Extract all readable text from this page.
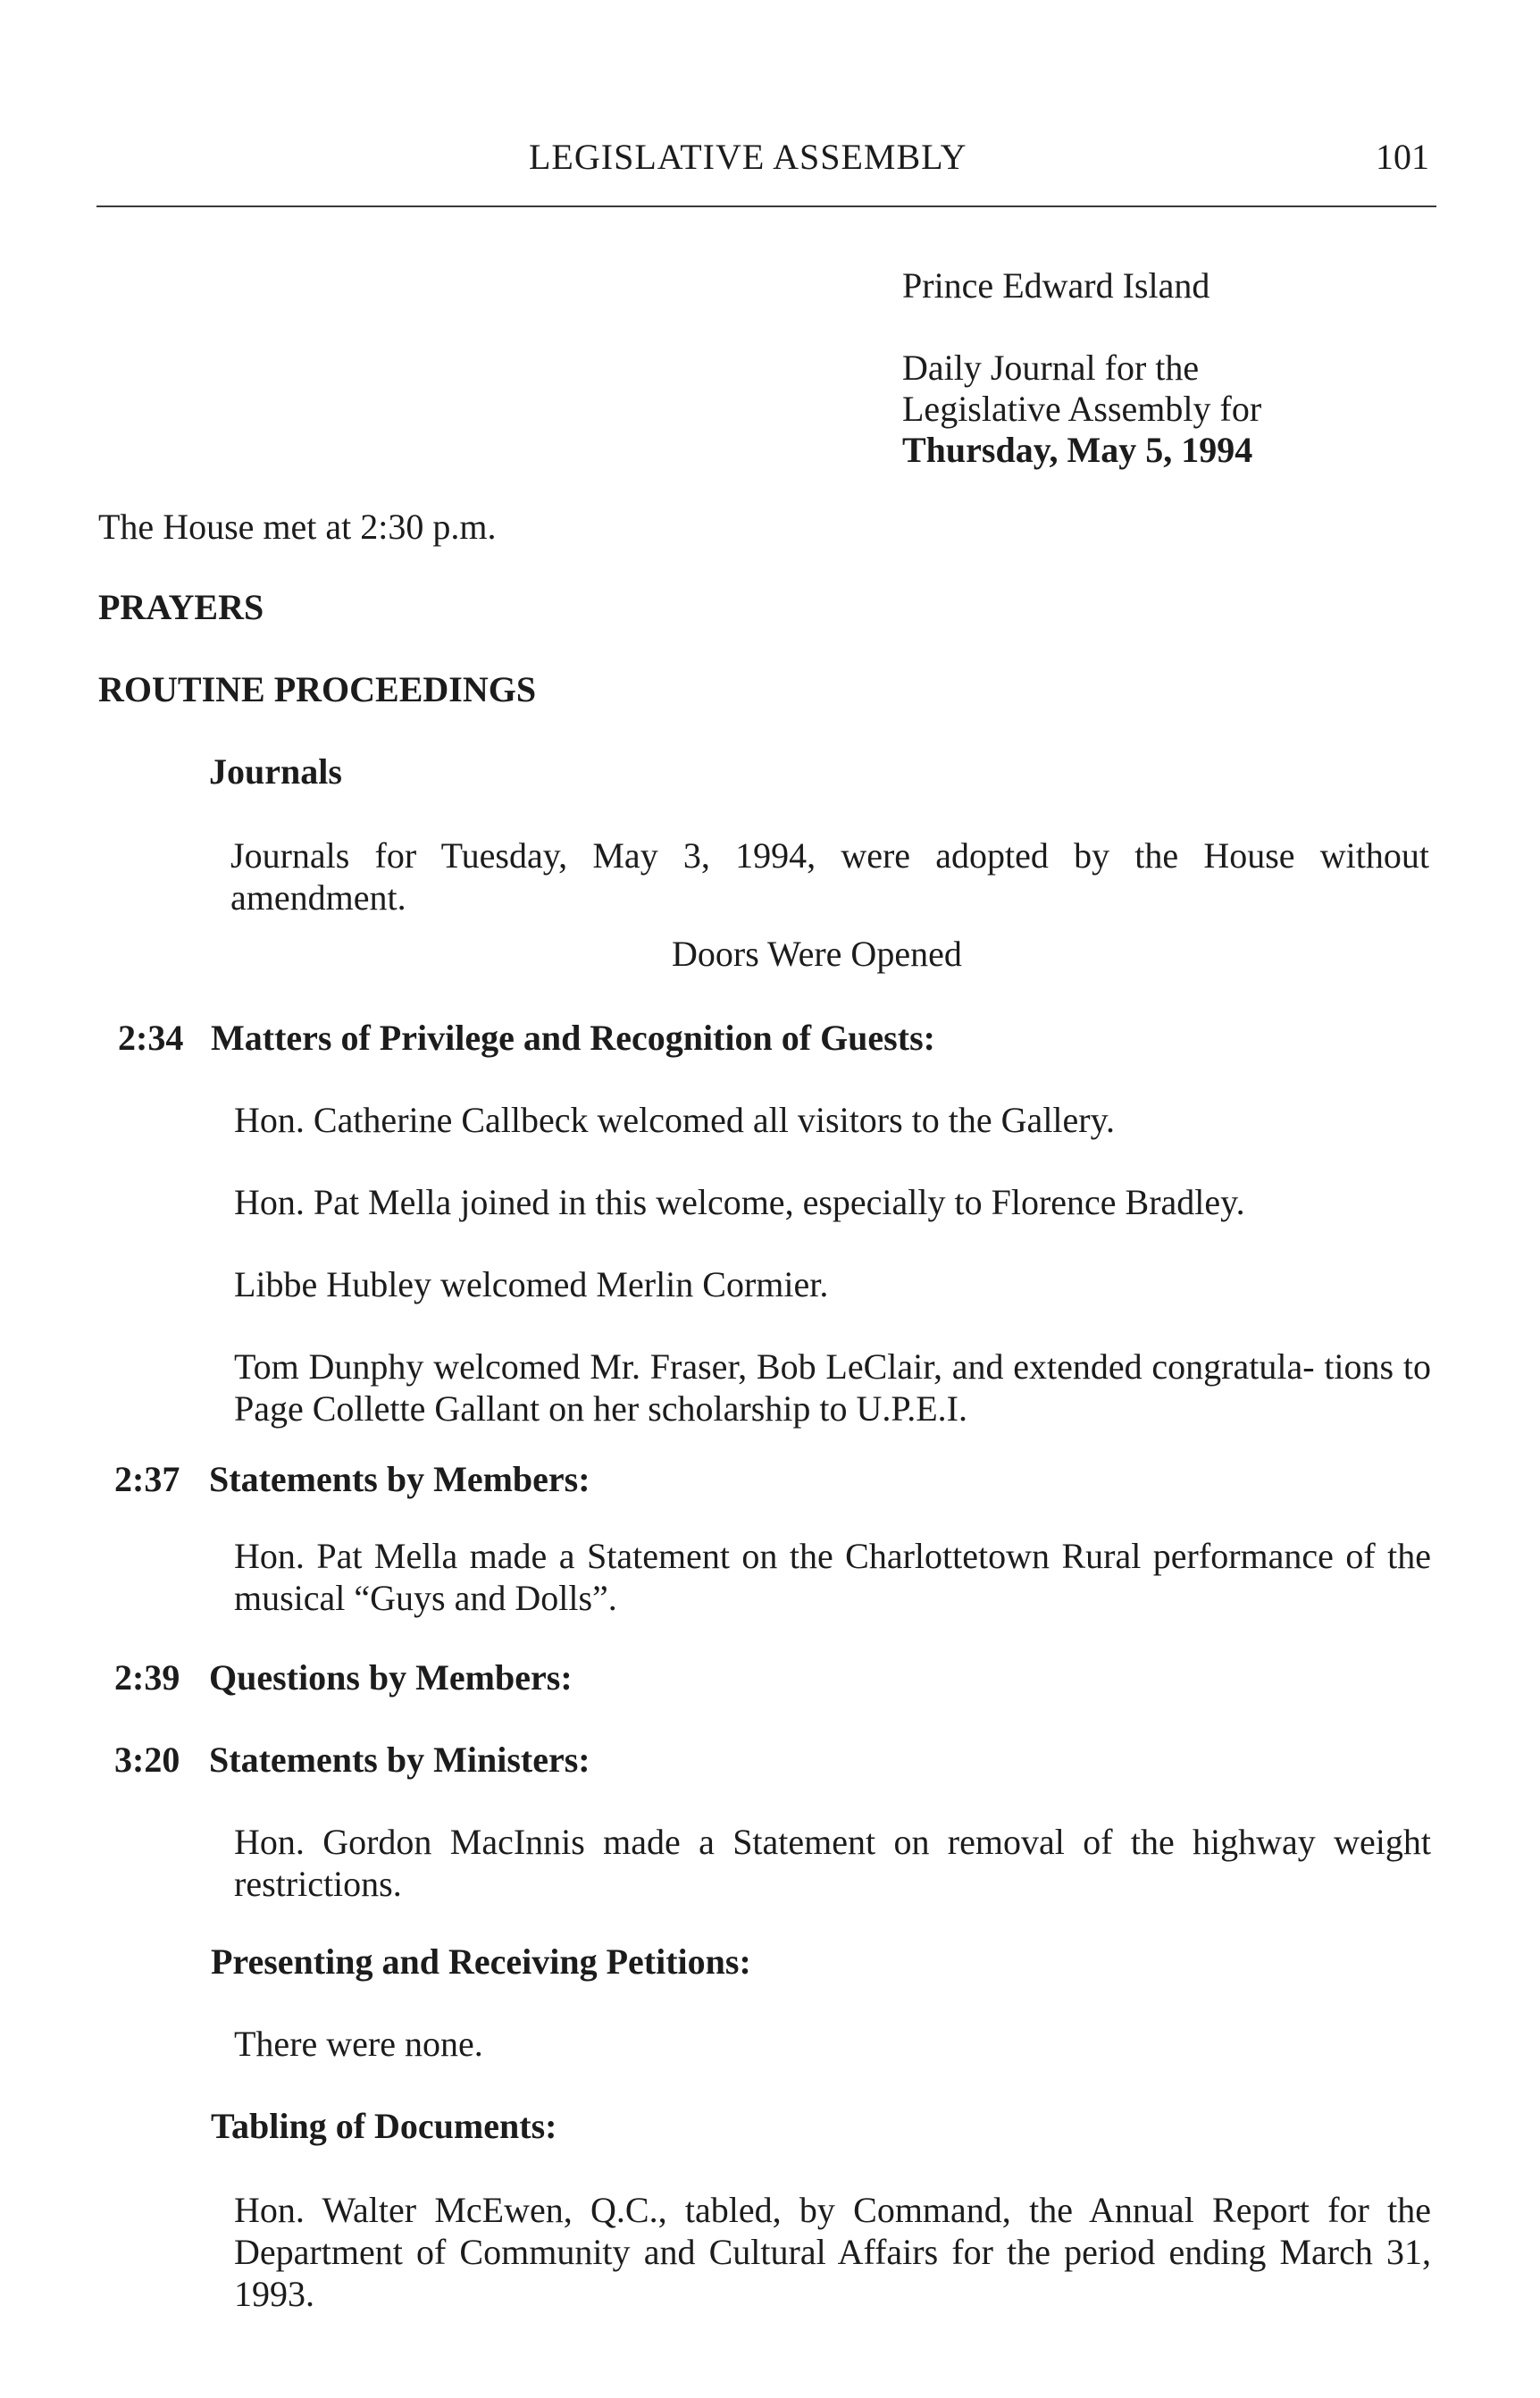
LEGISLATIVE ASSEMBLY	101
Prince Edward Island
Daily Journal for the
Legislative Assembly for
Thursday, May 5, 1994
The House met at 2:30 p.m.
PRAYERS
ROUTINE PROCEEDINGS
Journals
Journals for Tuesday, May 3, 1994, were adopted by the House without amendment.
Doors Were Opened
2:34 Matters of Privilege and Recognition of Guests:
Hon. Catherine Callbeck welcomed all visitors to the Gallery.
Hon. Pat Mella joined in this welcome, especially to Florence Bradley.
Libbe Hubley welcomed Merlin Cormier.
Tom Dunphy welcomed Mr. Fraser, Bob LeClair, and extended congratula- tions to Page Collette Gallant on her scholarship to U.P.E.I.
2:37 Statements by Members:
Hon. Pat Mella made a Statement on the Charlottetown Rural performance of the musical “Guys and Dolls”.
2:39 Questions by Members:
3:20 Statements by Ministers:
Hon. Gordon MacInnis made a Statement on removal of the highway weight restrictions.
Presenting and Receiving Petitions:
There were none.
Tabling of Documents:
Hon. Walter McEwen, Q.C., tabled, by Command, the Annual Report for the Department of Community and Cultural Affairs for the period ending March 31, 1993.
